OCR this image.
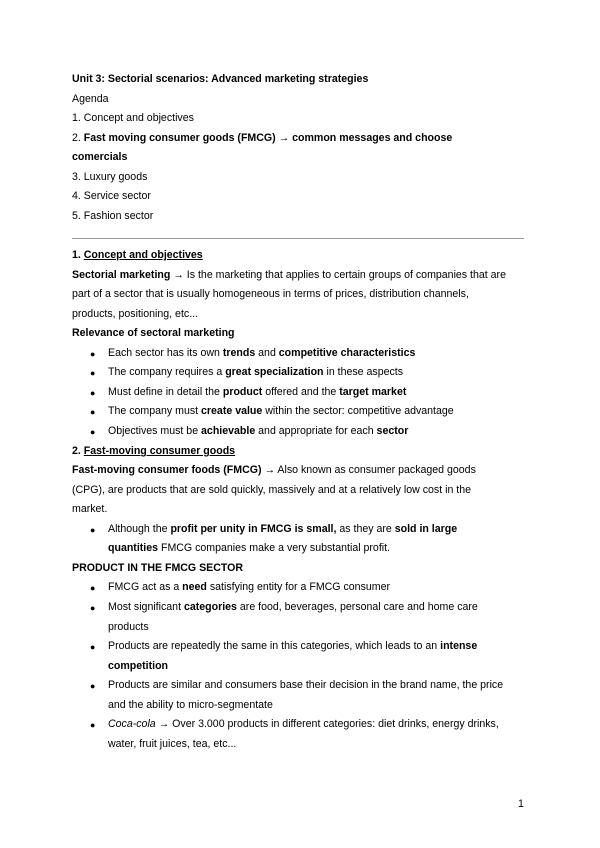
Unit 3: Sectorial scenarios: Advanced marketing strategies
Agenda
1. Concept and objectives
2. Fast moving consumer goods (FMCG) → common messages and choose
comercials
3. Luxury goods
4. Service sector
5. Fashion sector
1. Concept and objectives
Sectorial marketing → Is the marketing that applies to certain groups of companies that are
part of a sector that is usually homogeneous in terms of prices, distribution channels,
products, positioning, etc...
Relevance of sectoral marketing
● Each sector has its own trends and competitive characteristics
● The company requires a great specialization in these aspects
● Must define in detail the product offered and the target market
● The company must create value within the sector: competitive advantage
● Objectives must be achievable and appropriate for each sector
2. Fast-moving consumer goods
Fast-moving consumer foods (FMCG) → Also known as consumer packaged goods
(CPG), are products that are sold quickly, massively and at a relatively low cost in the
market.
● Although the profit per unity in FMCG is small, as they are sold in large
quantities FMCG companies make a very substantial profit.
PRODUCT IN THE FMCG SECTOR
● FMCG act as a need satisfying entity for a FMCG consumer
● Most significant categories are food, beverages, personal care and home care
products
● Products are repeatedly the same in this categories, which leads to an intense
competition
● Products are similar and consumers base their decision in the brand name, the price
and the ability to micro-segmentate
● Coca-cola → Over 3.000 products in different categories: diet drinks, energy drinks,
water, fruit juices, tea, etc...
1
